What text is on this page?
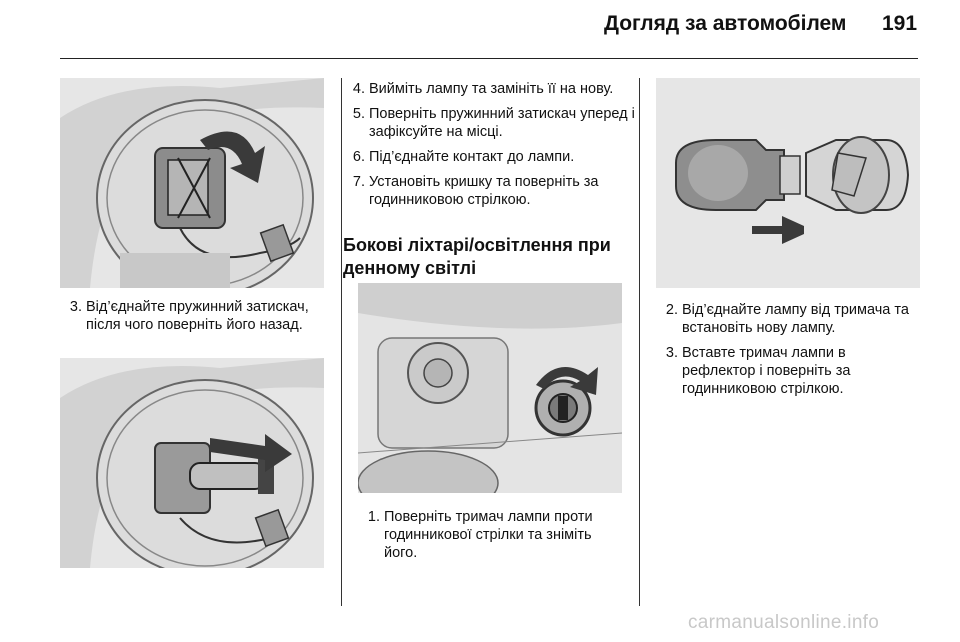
Догляд за автомобілем 191
3. Від’єднайте пружинний затискач, після чого поверніть його назад.
4. Вийміть лампу та замініть її на нову.
5. Поверніть пружинний затискач уперед і зафіксуйте на місці.
6. Під’єднайте контакт до лампи.
7. Установіть кришку та поверніть за годинниковою стрілкою.
Бокові ліхтарі/освітлення при денному світлі
1. Поверніть тримач лампи проти годинникової стрілки та зніміть його.
2. Від’єднайте лампу від тримача та встановіть нову лампу.
3. Вставте тримач лампи в рефлектор і поверніть за годинниковою стрілкою.
carmanualsonline.info
